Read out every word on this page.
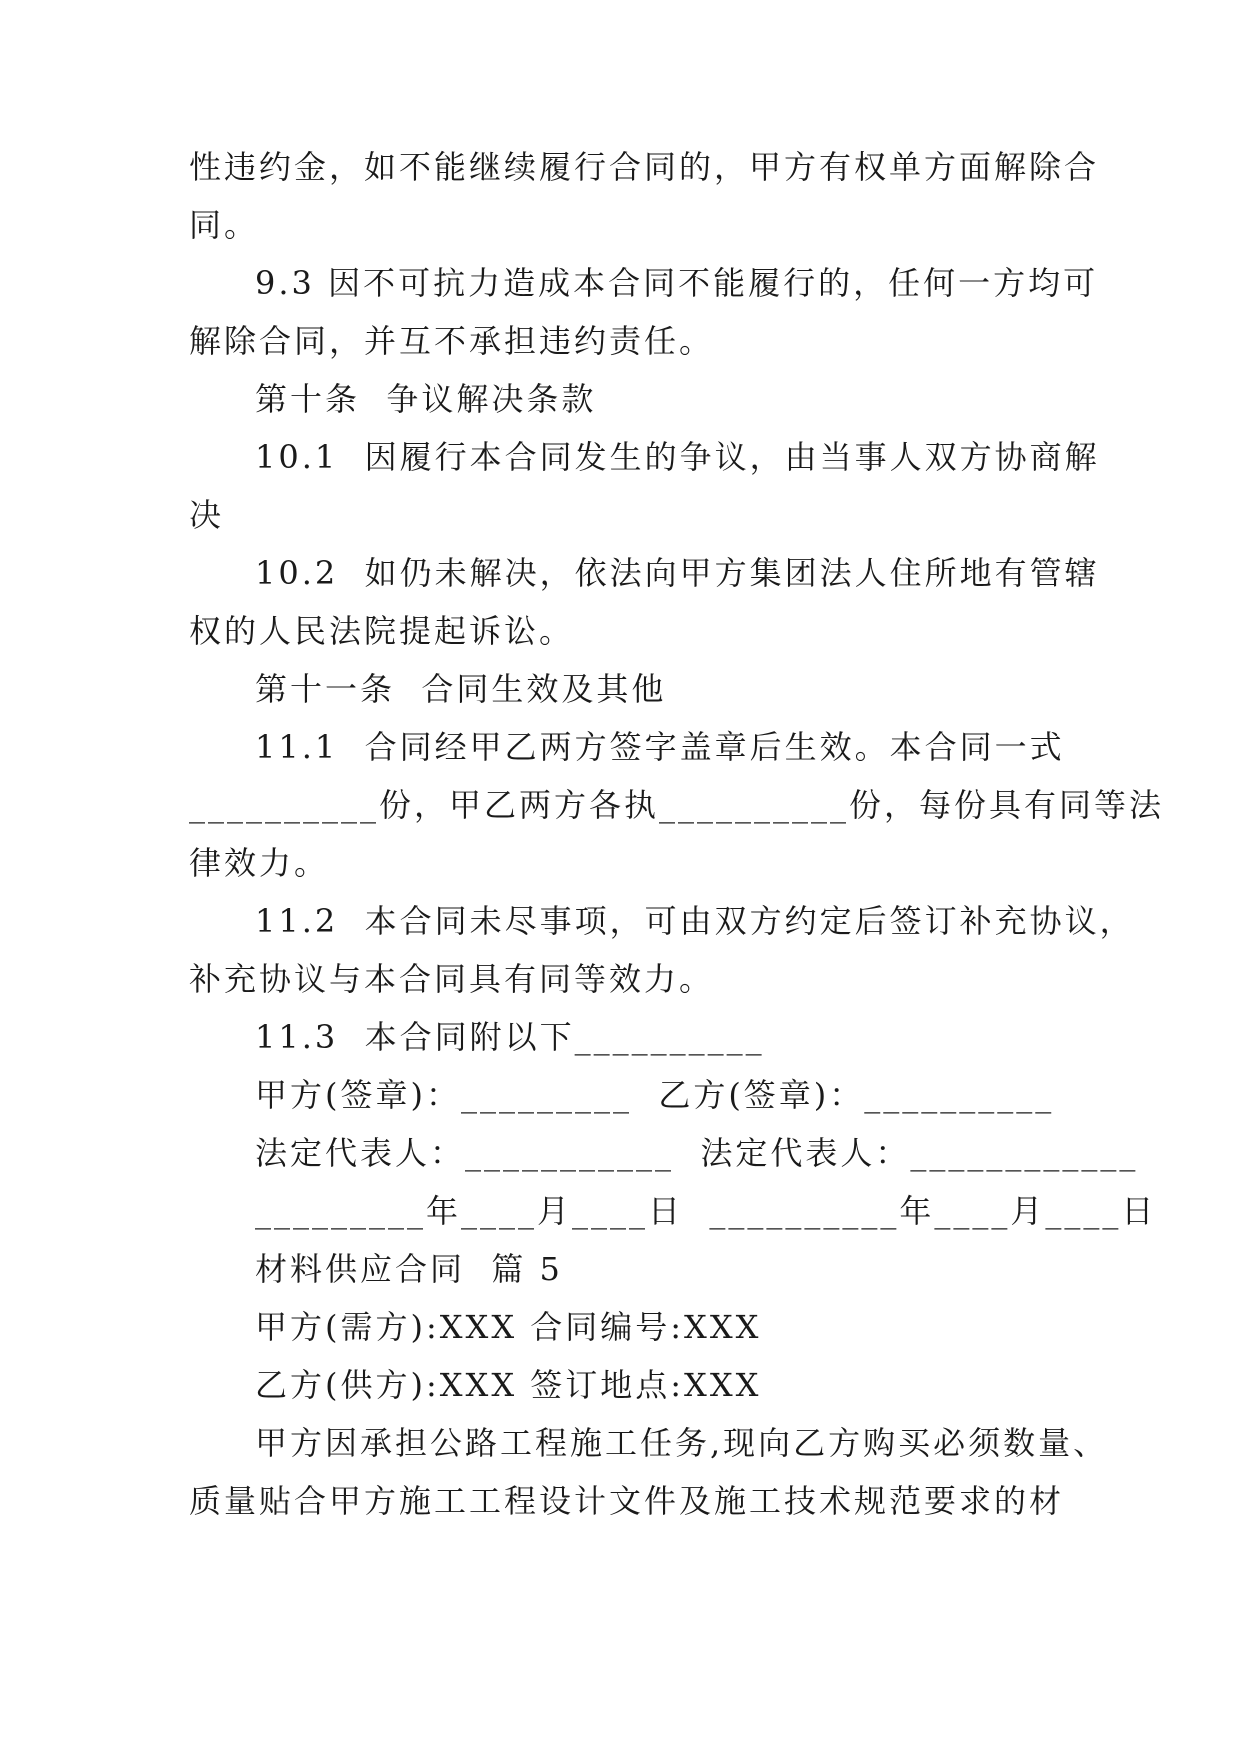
性违约金，如不能继续履行合同的，甲方有权单方面解除合
同。
9.3 因不可抗力造成本合同不能履行的，任何一方均可
解除合同，并互不承担违约责任。
第十条  争议解决条款
10.1  因履行本合同发生的争议，由当事人双方协商解
决
10.2  如仍未解决，依法向甲方集团法人住所地有管辖
权的人民法院提起诉讼。
第十一条  合同生效及其他
11.1  合同经甲乙两方签字盖章后生效。本合同一式
__________份，甲乙两方各执__________份，每份具有同等法
律效力。
11.2  本合同未尽事项，可由双方约定后签订补充协议，
补充协议与本合同具有同等效力。
11.3  本合同附以下__________
甲方(签章)：_________  乙方(签章)：__________
法定代表人：___________  法定代表人：____________
_________年____月____日  __________年____月____日
材料供应合同  篇 5
甲方(需方):XXX 合同编号:XXX
乙方(供方):XXX 签订地点:XXX
甲方因承担公路工程施工任务,现向乙方购买必须数量、
质量贴合甲方施工工程设计文件及施工技术规范要求的材
